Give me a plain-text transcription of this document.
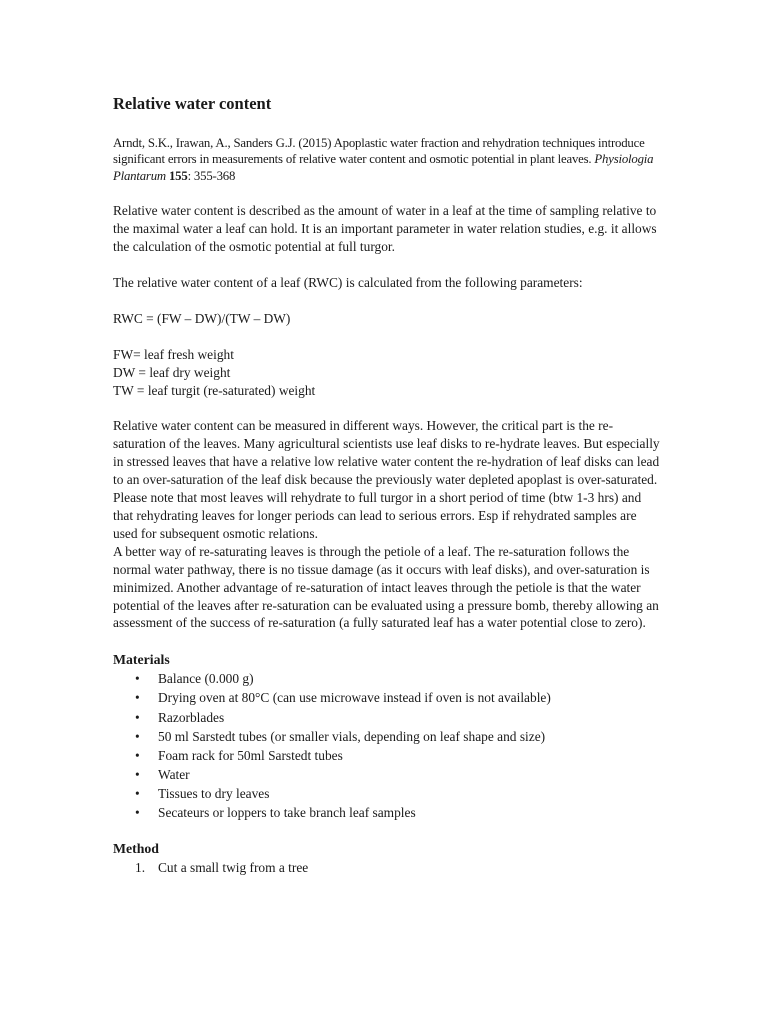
Relative water content

Arndt, S.K., Irawan, A., Sanders G.J. (2015) Apoplastic water fraction and rehydration techniques introduce significant errors in measurements of relative water content and osmotic potential in plant leaves. Physiologia Plantarum 155: 355-368

Relative water content is described as the amount of water in a leaf at the time of sampling relative to the maximal water a leaf can hold. It is an important parameter in water relation studies, e.g. it allows the calculation of the osmotic potential at full turgor.

The relative water content of a leaf (RWC) is calculated from the following parameters:

RWC = (FW – DW)/(TW – DW)

FW= leaf fresh weight

DW = leaf dry weight

TW = leaf turgit (re-saturated) weight

Relative water content can be measured in different ways. However, the critical part is the re-saturation of the leaves. Many agricultural scientists use leaf disks to re-hydrate leaves. But especially in stressed leaves that have a relative low relative water content the re-hydration of leaf disks can lead to an over-saturation of the leaf disk because the previously water depleted apoplast is over-saturated.

Please note that most leaves will rehydrate to full turgor in a short period of time (btw 1-3 hrs) and that rehydrating leaves for longer periods can lead to serious errors. Esp if rehydrated samples are used for subsequent osmotic relations.

A better way of re-saturating leaves is through the petiole of a leaf. The re-saturation follows the normal water pathway, there is no tissue damage (as it occurs with leaf disks), and over-saturation is minimized. Another advantage of re-saturation of intact leaves through the petiole is that the water potential of the leaves after re-saturation can be evaluated using a pressure bomb, thereby allowing an assessment of the success of re-saturation (a fully saturated leaf has a water potential close to zero).

Materials
• Balance (0.000 g)
• Drying oven at 80°C (can use microwave instead if oven is not available)
• Razorblades
• 50 ml Sarstedt tubes (or smaller vials, depending on leaf shape and size)
• Foam rack for 50ml Sarstedt tubes
• Water
• Tissues to dry leaves
• Secateurs or loppers to take branch leaf samples
Method
1. Cut a small twig from a tree
